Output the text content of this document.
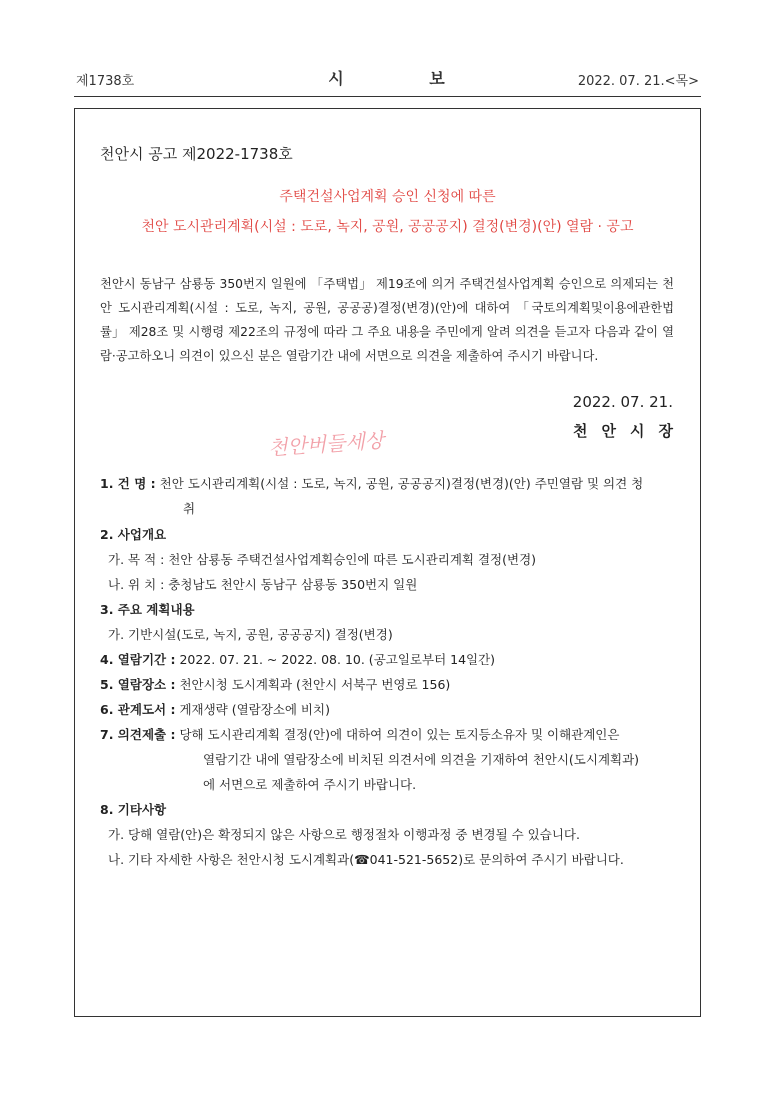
제1738호	시 보	2022. 07. 21.<목>
천안시 공고 제2022-1738호
주택건설사업계획 승인 신청에 따른
천안 도시관리계획(시설 : 도로, 녹지, 공원, 공공공지) 결정(변경)(안) 열람 · 공고
천안시 동남구 삼룡동 350번지 일원에 「주택법」 제19조에 의거 주택건설사업계획 승인으로 의제되는 천안 도시관리계획(시설 : 도로, 녹지, 공원, 공공공)결정(변경)(안)에 대하여 「국토의계획및이용에관한법률」 제28조 및 시행령 제22조의 규정에 따라 그 주요 내용을 주민에게 알려 의견을 듣고자 다음과 같이 열람·공고하오니 의견이 있으신 분은 열람기간 내에 서면으로 의견을 제출하여 주시기 바랍니다.
2022. 07. 21.
천안시장
천안버들세상
1. 건 명 : 천안 도시관리계획(시설 : 도로, 녹지, 공원, 공공공지)결정(변경)(안) 주민열람 및 의견 청
취
2. 사업개요
가. 목 적 : 천안 삼룡동 주택건설사업계획승인에 따른 도시관리계획 결정(변경)
나. 위 치 : 충청남도 천안시 동남구 삼룡동 350번지 일원
3. 주요 계획내용
가. 기반시설(도로, 녹지, 공원, 공공공지) 결정(변경)
4. 열람기간 : 2022. 07. 21. ~ 2022. 08. 10. (공고일로부터 14일간)
5. 열람장소 : 천안시청 도시계획과 (천안시 서북구 번영로 156)
6. 관계도서 : 게재생략 (열람장소에 비치)
7. 의견제출 : 당해 도시관리계획 결정(안)에 대하여 의견이 있는 토지등소유자 및 이해관계인은
열람기간 내에 열람장소에 비치된 의견서에 의견을 기재하여 천안시(도시계획과)
에 서면으로 제출하여 주시기 바랍니다.
8. 기타사항
가. 당해 열람(안)은 확정되지 않은 사항으로 행정절차 이행과정 중 변경될 수 있습니다.
나. 기타 자세한 사항은 천안시청 도시계획과(☎041-521-5652)로 문의하여 주시기 바랍니다.
